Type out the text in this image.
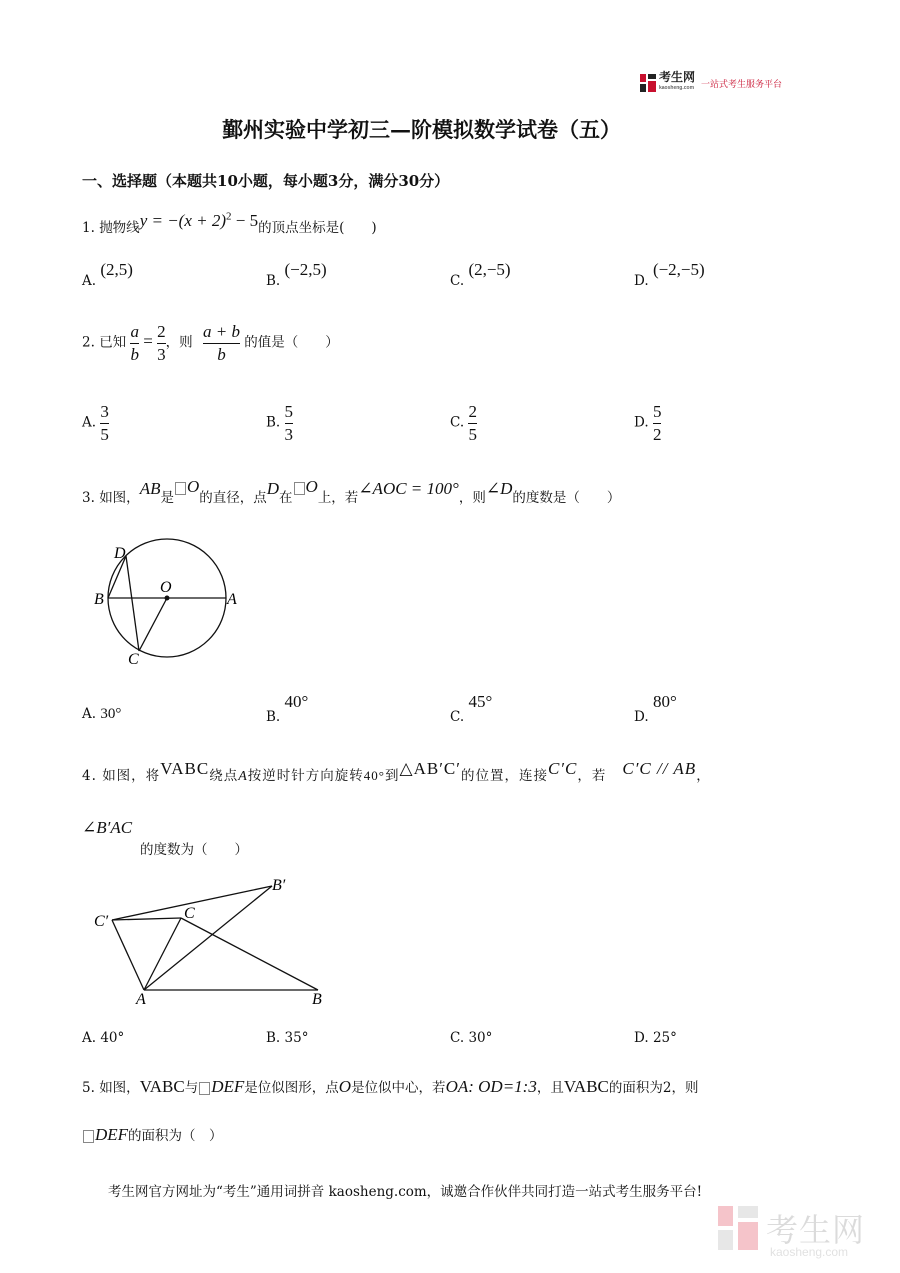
考生网
kaosheng.com 一站式考生服务平台
鄞州实验中学初三—阶模拟数学试卷（五）
一、选择题（本题共10小题，每小题3分，满分30分）
1. 抛物线$y = -(x + 2)^2 - 5$的顶点坐标是(　　)
A. (2,5)
B. (−2,5)
C. (2,−5)
D. (−2,−5)
2. 已知 $\frac{a}{b} = \frac{2}{3}$ ，则 $\frac{a + b}{b}$ 的值是（　　）
A. $\frac{3}{5}$	B. $\frac{5}{3}$	C. $\frac{2}{5}$	D. $\frac{5}{2}$
3. 如图，AB是O的直径，点D在O上，若∠AOC = 100°，则∠D的度数是（　　）
D
O
B	A
C
A. 30°	B. 40°
C. 45°
D. 80°
4. 如图，将VABC绕点A按逆时针方向旋转40°到△AB′C′的位置，连接C′C，若 C′C // AB，
∠B′AC
的度数为（　　）
B′
C′	C
A	B
A. 40°	B. 35°	C. 30°	D. 25°
5. 如图，VABC与 DEF是位似图形，点O是位似中心，若OA: OD=1:3，且VABC的面积为2，则
DEF的面积为（　）
考生网官方网址为“考生”通用词拼音 kaosheng.com，诚邀合作伙伴共同打造一站式考生服务平台!
考生网
kaosheng.com
